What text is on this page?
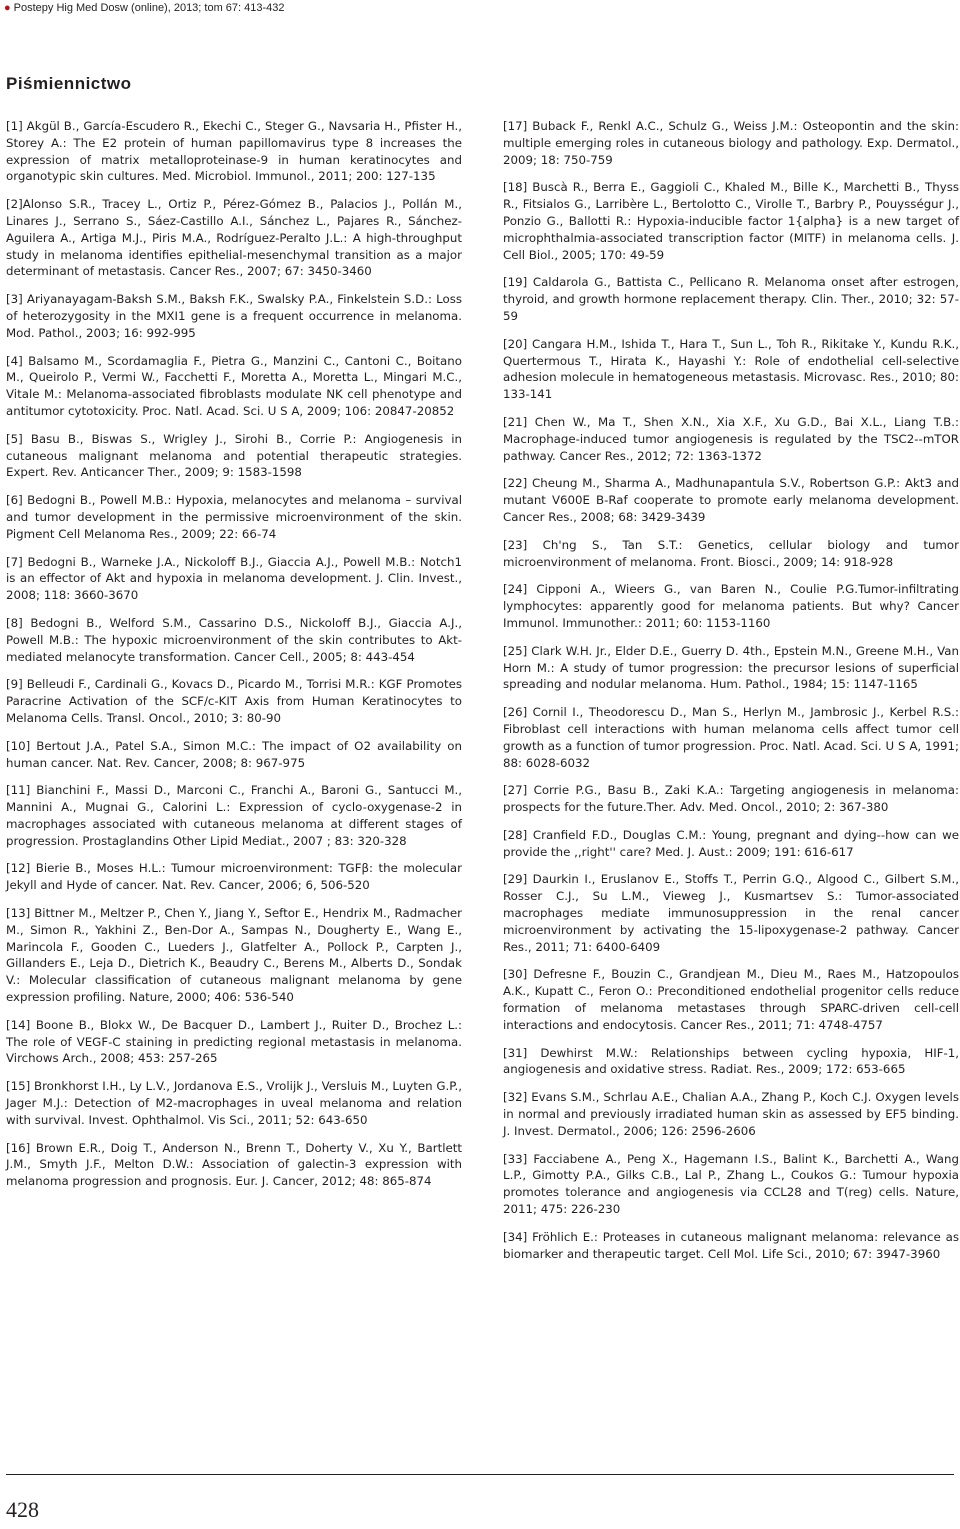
● Postepy Hig Med Dosw (online), 2013; tom 67: 413-432
Piśmiennictwo

[1] Akgül B., García-Escudero R., Ekechi C., Steger G., Navsaria H., Pfister H., Storey A.: The E2 protein of human papillomavirus type 8 increases the expression of matrix metalloproteinase-9 in human keratinocytes and organotypic skin cultures. Med. Microbiol. Immunol., 2011; 200: 127-135

[2]Alonso S.R., Tracey L., Ortiz P., Pérez-Gómez B., Palacios J., Pollán M., Linares J., Serrano S., Sáez-Castillo A.I., Sánchez L., Pajares R., Sánchez-Aguilera A., Artiga M.J., Piris M.A., Rodríguez-Peralto J.L.: A high-throughput study in melanoma identifies epithelial-mesenchymal transition as a major determinant of metastasis. Cancer Res., 2007; 67: 3450-3460

[3] Ariyanayagam-Baksh S.M., Baksh F.K., Swalsky P.A., Finkelstein S.D.: Loss of heterozygosity in the MXI1 gene is a frequent occurrence in melanoma. Mod. Pathol., 2003; 16: 992-995

[4] Balsamo M., Scordamaglia F., Pietra G., Manzini C., Cantoni C., Boitano M., Queirolo P., Vermi W., Facchetti F., Moretta A., Moretta L., Mingari M.C., Vitale M.: Melanoma-associated fibroblasts modulate NK cell phenotype and antitumor cytotoxicity. Proc. Natl. Acad. Sci. U S A, 2009; 106: 20847-20852

[5] Basu B., Biswas S., Wrigley J., Sirohi B., Corrie P.: Angiogenesis in cutaneous malignant melanoma and potential therapeutic strategies. Expert. Rev. Anticancer Ther., 2009; 9: 1583-1598

[6] Bedogni B., Powell M.B.: Hypoxia, melanocytes and melanoma – survival and tumor development in the permissive microenvironment of the skin. Pigment Cell Melanoma Res., 2009; 22: 66-74

[7] Bedogni B., Warneke J.A., Nickoloff B.J., Giaccia A.J., Powell M.B.: Notch1 is an effector of Akt and hypoxia in melanoma development. J. Clin. Invest., 2008; 118: 3660-3670

[8] Bedogni B., Welford S.M., Cassarino D.S., Nickoloff B.J., Giaccia A.J., Powell M.B.: The hypoxic microenvironment of the skin contributes to Akt-mediated melanocyte transformation. Cancer Cell., 2005; 8: 443-454

[9] Belleudi F., Cardinali G., Kovacs D., Picardo M., Torrisi M.R.: KGF Promotes Paracrine Activation of the SCF/c-KIT Axis from Human Keratinocytes to Melanoma Cells. Transl. Oncol., 2010; 3: 80-90

[10] Bertout J.A., Patel S.A., Simon M.C.: The impact of O2 availability on human cancer. Nat. Rev. Cancer, 2008; 8: 967-975

[11] Bianchini F., Massi D., Marconi C., Franchi A., Baroni G., Santucci M., Mannini A., Mugnai G., Calorini L.: Expression of cyclo-oxygenase-2 in macrophages associated with cutaneous melanoma at different stages of progression. Prostaglandins Other Lipid Mediat., 2007 ; 83: 320-328

[12] Bierie B., Moses H.L.: Tumour microenvironment: TGFβ: the molecular Jekyll and Hyde of cancer. Nat. Rev. Cancer, 2006; 6, 506-520

[13] Bittner M., Meltzer P., Chen Y., Jiang Y., Seftor E., Hendrix M., Radmacher M., Simon R., Yakhini Z., Ben-Dor A., Sampas N., Dougherty E., Wang E., Marincola F., Gooden C., Lueders J., Glatfelter A., Pollock P., Carpten J., Gillanders E., Leja D., Dietrich K., Beaudry C., Berens M., Alberts D., Sondak V.: Molecular classification of cutaneous malignant melanoma by gene expression profiling. Nature, 2000; 406: 536-540

[14] Boone B., Blokx W., De Bacquer D., Lambert J., Ruiter D., Brochez L.: The role of VEGF-C staining in predicting regional metastasis in melanoma. Virchows Arch., 2008; 453: 257-265

[15] Bronkhorst I.H., Ly L.V., Jordanova E.S., Vrolijk J., Versluis M., Luyten G.P., Jager M.J.: Detection of M2-macrophages in uveal melanoma and relation with survival. Invest. Ophthalmol. Vis Sci., 2011; 52: 643-650

[16] Brown E.R., Doig T., Anderson N., Brenn T., Doherty V., Xu Y., Bartlett J.M., Smyth J.F., Melton D.W.: Association of galectin-3 expression with melanoma progression and prognosis. Eur. J. Cancer, 2012; 48: 865-874

[17] Buback F., Renkl A.C., Schulz G., Weiss J.M.: Osteopontin and the skin: multiple emerging roles in cutaneous biology and pathology. Exp. Dermatol., 2009; 18: 750-759

[18] Buscà R., Berra E., Gaggioli C., Khaled M., Bille K., Marchetti B., Thyss R., Fitsialos G., Larribère L., Bertolotto C., Virolle T., Barbry P., Pouysségur J., Ponzio G., Ballotti R.: Hypoxia-inducible factor 1{alpha} is a new target of microphthalmia-associated transcription factor (MITF) in melanoma cells. J. Cell Biol., 2005; 170: 49-59

[19] Caldarola G., Battista C., Pellicano R. Melanoma onset after estrogen, thyroid, and growth hormone replacement therapy. Clin. Ther., 2010; 32: 57-59

[20] Cangara H.M., Ishida T., Hara T., Sun L., Toh R., Rikitake Y., Kundu R.K., Quertermous T., Hirata K., Hayashi Y.: Role of endothelial cell-selective adhesion molecule in hematogeneous metastasis. Microvasc. Res., 2010; 80: 133-141

[21] Chen W., Ma T., Shen X.N., Xia X.F., Xu G.D., Bai X.L., Liang T.B.: Macrophage-induced tumor angiogenesis is regulated by the TSC2--mTOR pathway. Cancer Res., 2012; 72: 1363-1372

[22] Cheung M., Sharma A., Madhunapantula S.V., Robertson G.P.: Akt3 and mutant V600E B-Raf cooperate to promote early melanoma development. Cancer Res., 2008; 68: 3429-3439

[23] Ch'ng S., Tan S.T.: Genetics, cellular biology and tumor microenvironment of melanoma. Front. Biosci., 2009; 14: 918-928

[24] Cipponi A., Wieers G., van Baren N., Coulie P.G.Tumor-infiltrating lymphocytes: apparently good for melanoma patients. But why? Cancer Immunol. Immunother.: 2011; 60: 1153-1160

[25] Clark W.H. Jr., Elder D.E., Guerry D. 4th., Epstein M.N., Greene M.H., Van Horn M.: A study of tumor progression: the precursor lesions of superficial spreading and nodular melanoma. Hum. Pathol., 1984; 15: 1147-1165

[26] Cornil I., Theodorescu D., Man S., Herlyn M., Jambrosic J., Kerbel R.S.: Fibroblast cell interactions with human melanoma cells affect tumor cell growth as a function of tumor progression. Proc. Natl. Acad. Sci. U S A, 1991; 88: 6028-6032

[27] Corrie P.G., Basu B., Zaki K.A.: Targeting angiogenesis in melanoma: prospects for the future.Ther. Adv. Med. Oncol., 2010; 2: 367-380

[28] Cranfield F.D., Douglas C.M.: Young, pregnant and dying--how can we provide the ,,right'' care? Med. J. Aust.: 2009; 191: 616-617

[29] Daurkin I., Eruslanov E., Stoffs T., Perrin G.Q., Algood C., Gilbert S.M., Rosser C.J., Su L.M., Vieweg J., Kusmartsev S.: Tumor-associated macrophages mediate immunosuppression in the renal cancer microenvironment by activating the 15-lipoxygenase-2 pathway. Cancer Res., 2011; 71: 6400-6409

[30] Defresne F., Bouzin C., Grandjean M., Dieu M., Raes M., Hatzopoulos A.K., Kupatt C., Feron O.: Preconditioned endothelial progenitor cells reduce formation of melanoma metastases through SPARC-driven cell-cell interactions and endocytosis. Cancer Res., 2011; 71: 4748-4757

[31] Dewhirst M.W.: Relationships between cycling hypoxia, HIF-1, angiogenesis and oxidative stress. Radiat. Res., 2009; 172: 653-665

[32] Evans S.M., Schrlau A.E., Chalian A.A., Zhang P., Koch C.J. Oxygen levels in normal and previously irradiated human skin as assessed by EF5 binding. J. Invest. Dermatol., 2006; 126: 2596-2606

[33] Facciabene A., Peng X., Hagemann I.S., Balint K., Barchetti A., Wang L.P., Gimotty P.A., Gilks C.B., Lal P., Zhang L., Coukos G.: Tumour hypoxia promotes tolerance and angiogenesis via CCL28 and T(reg) cells. Nature, 2011; 475: 226-230

[34] Fröhlich E.: Proteases in cutaneous malignant melanoma: relevance as biomarker and therapeutic target. Cell Mol. Life Sci., 2010; 67: 3947-3960

428
